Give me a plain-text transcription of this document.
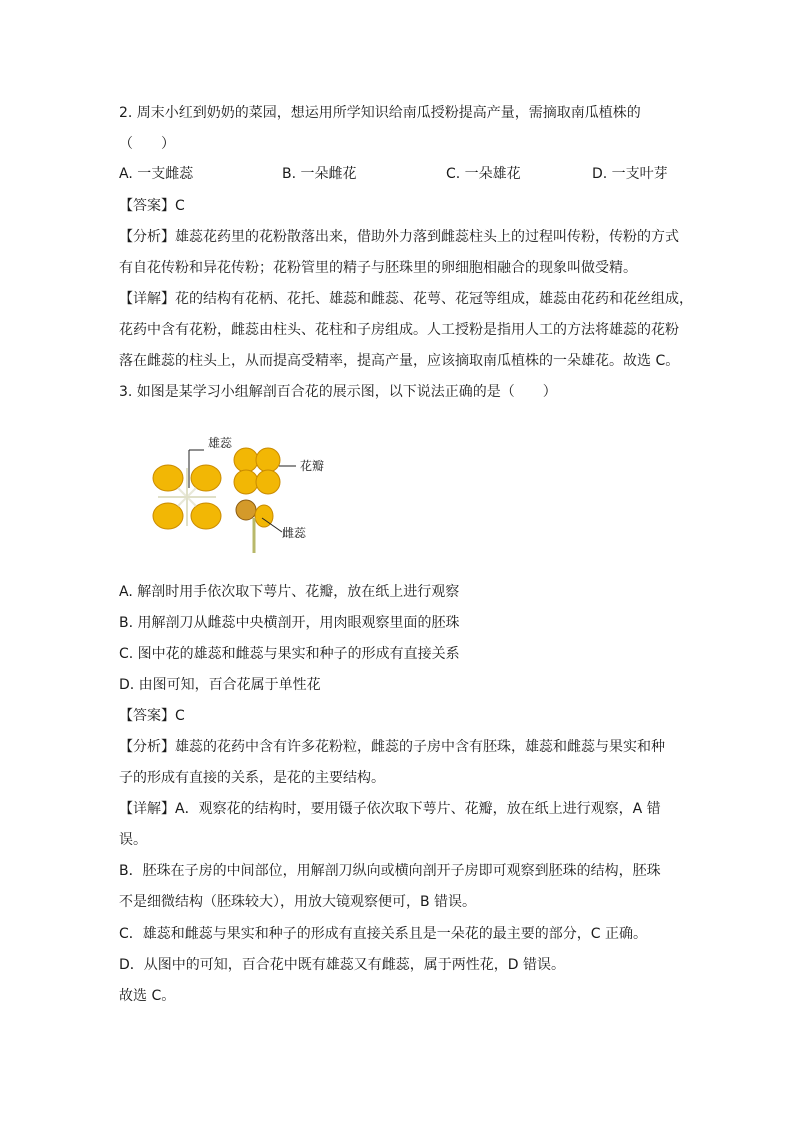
2. 周末小红到奶奶的菜园，想运用所学知识给南瓜授粉提高产量，需摘取南瓜植株的
（　　）
A. 一支雌蕊	B. 一朵雌花	C. 一朵雄花	D. 一支叶芽
【答案】C
【分析】雄蕊花药里的花粉散落出来，借助外力落到雌蕊柱头上的过程叫传粉，传粉的方式
有自花传粉和异花传粉；花粉管里的精子与胚珠里的卵细胞相融合的现象叫做受精。
【详解】花的结构有花柄、花托、雄蕊和雌蕊、花萼、花冠等组成，雄蕊由花药和花丝组成，
花药中含有花粉，雌蕊由柱头、花柱和子房组成。人工授粉是指用人工的方法将雄蕊的花粉
落在雌蕊的柱头上，从而提高受精率，提高产量，应该摘取南瓜植株的一朵雄花。故选 C。
3. 如图是某学习小组解剖百合花的展示图，以下说法正确的是（　　）
雄蕊
花瓣
雌蕊
A. 解剖时用手依次取下萼片、花瓣，放在纸上进行观察
B. 用解剖刀从雌蕊中央横剖开，用肉眼观察里面的胚珠
C. 图中花的雄蕊和雌蕊与果实和种子的形成有直接关系
D. 由图可知，百合花属于单性花
【答案】C
【分析】雄蕊的花药中含有许多花粉粒，雌蕊的子房中含有胚珠，雄蕊和雌蕊与果实和种
子的形成有直接的关系，是花的主要结构。
【详解】A．观察花的结构时，要用镊子依次取下萼片、花瓣，放在纸上进行观察，A 错
误。
B．胚珠在子房的中间部位，用解剖刀纵向或横向剖开子房即可观察到胚珠的结构，胚珠
不是细微结构（胚珠较大），用放大镜观察便可，B 错误。
C．雄蕊和雌蕊与果实和种子的形成有直接关系且是一朵花的最主要的部分，C 正确。
D．从图中的可知，百合花中既有雄蕊又有雌蕊，属于两性花，D 错误。
故选 C。
